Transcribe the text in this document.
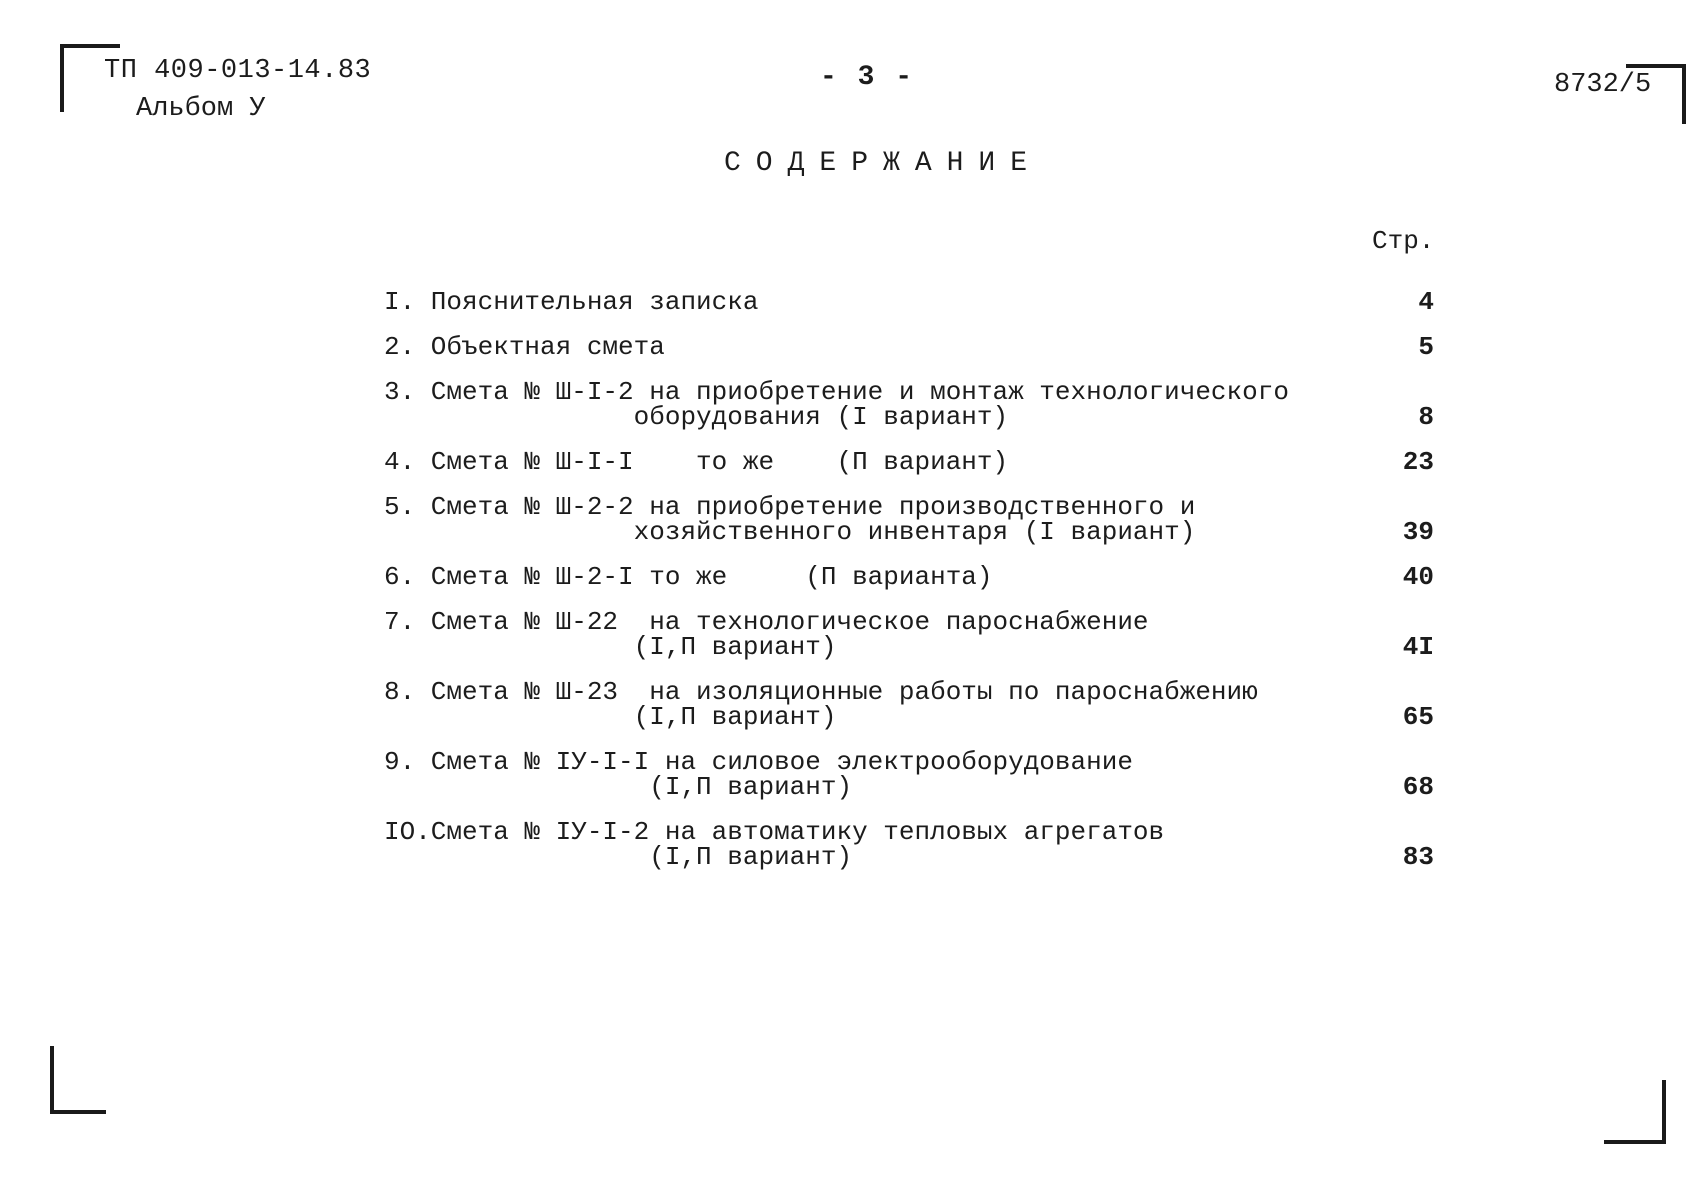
ТП 409-013-14.83
Альбом У
- 3 -	8732/5
СОДЕРЖАНИЕ
Стр.
I. Пояснительная записка	4
2. Объектная смета	5
3. Смета № Ш-I-2 на приобретение и монтаж технологического
оборудования (I вариант)	8
4. Смета № Ш-I-I    то же    (П вариант)	23
5. Смета № Ш-2-2 на приобретение производственного и
хозяйственного инвентаря (I вариант)	39
6. Смета № Ш-2-I то же     (П варианта)	40
7. Смета № Ш-22  на технологическое пароснабжение
(I,П вариант)	4I
8. Смета № Ш-23  на изоляционные работы по пароснабжению
(I,П вариант)	65
9. Смета № IУ-I-I на силовое электрооборудование
(I,П вариант)	68
IO.Смета № IУ-I-2 на автоматику тепловых агрегатов
(I,П вариант)	83
